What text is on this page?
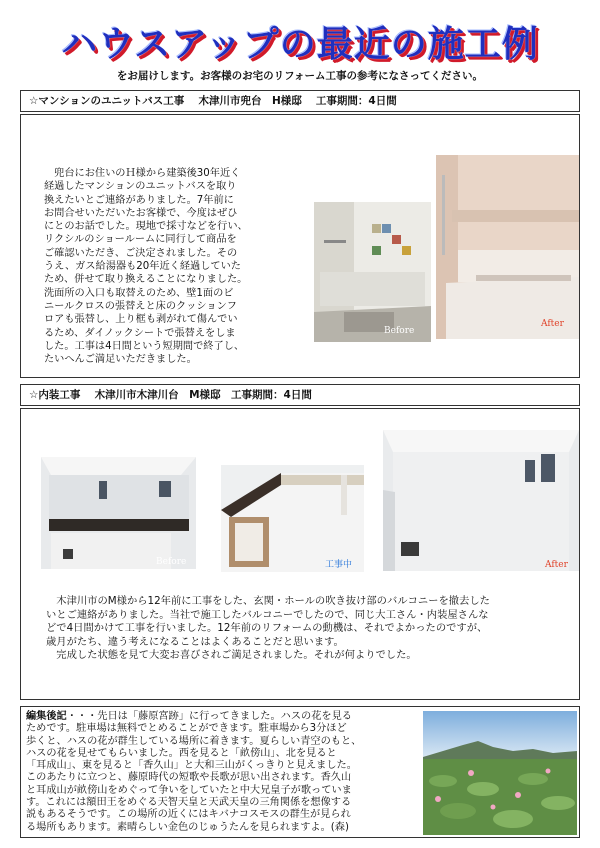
ハウスアップの最近の施工例
をお届けします。お客様のお宅のリフォーム工事の参考になさってください。
☆マンションのユニットバス工事　 木津川市兜台　H様邸　 工事期間：4日間
　兜台にお住いのＨ様から建築後30年近く
経過したマンションのユニットバスを取り
換えたいとご連絡がありました。7年前に
お問合せいただいたお客様で、今度はぜひ
にとのお話でした。現地で採寸などを行い、
リクシルのショールームに同行して商品を
ご確認いただき、ご決定されました。その
うえ、ガス給湯器も20年近く経過していた
ため、併せて取り換えることになりました。
洗面所の入口も取替えのため、壁1面のビ
ニールクロスの張替えと床のクッションフ
ロアも張替し、上り框も剥がれて傷んでい
るため、ダイノックシートで張替えをしま
した。工事は4日間という短期間で終了し、
たいへんご満足いただきました。
Before
After
☆内装工事　 木津川市木津川台　M様邸　工事期間：4日間
Before	工事中	After
　木津川市のM様から12年前に工事をした、玄関・ホールの吹き抜け部のバルコニーを撤去した
いとご連絡がありました。当社で施工したバルコニーでしたので、同じ大工さん・内装屋さんな
どで4日間かけて工事を行いました。12年前のリフォームの動機は、それでよかったのですが、
歳月がたち、違う考えになることはよくあることだと思います。
　完成した状態を見て大変お喜びされご満足されました。それが何よりでした。
編集後記・・・先日は「藤原宮跡」に行ってきました。ハスの花を見る
ためです。駐車場は無料でとめることができます。駐車場から3分ほど
歩くと、ハスの花が群生している場所に着きます。夏らしい青空のもと、
ハスの花を見せてもらいました。西を見ると「畝傍山」、北を見ると
「耳成山」、東を見ると「香久山」と大和三山がくっきりと見えました。
このあたりに立つと、藤原時代の短歌や長歌が思い出されます。香久山
と耳成山が畝傍山をめぐって争いをしていたと中大兄皇子が歌っていま
す。これには額田王をめぐる天智天皇と天武天皇の三角関係を想像する
説もあるそうです。この場所の近くにはキバナコスモスの群生が見られ
る場所もあります。素晴らしい金色のじゅうたんを見られますよ。(森)
